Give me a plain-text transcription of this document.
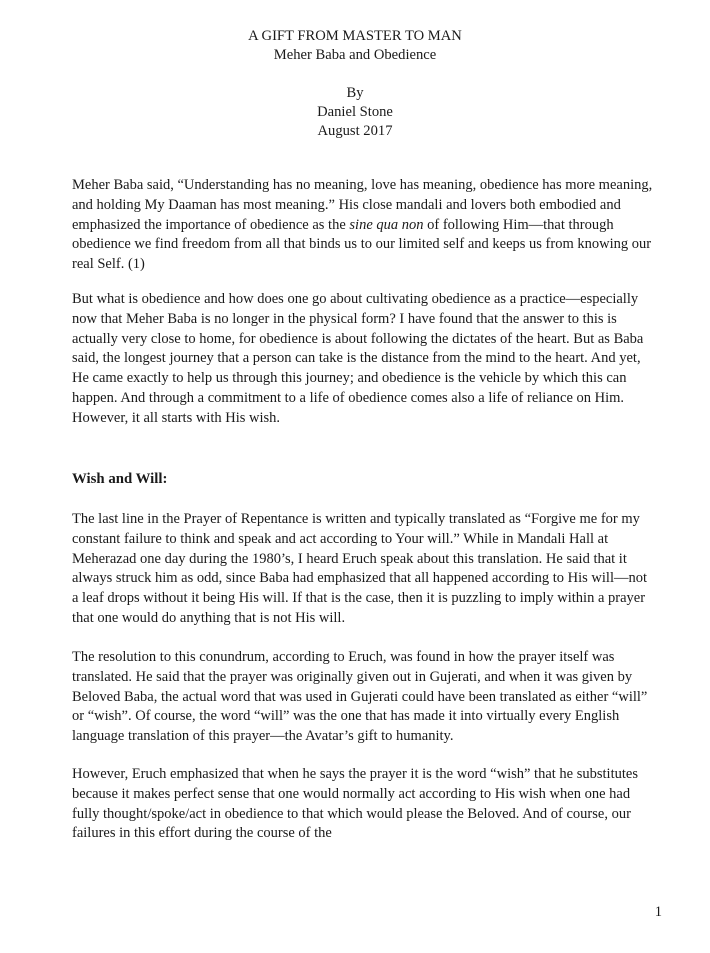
A GIFT FROM MASTER TO MAN
Meher Baba and Obedience
By
Daniel Stone
August 2017

Meher Baba said, “Understanding has no meaning, love has meaning, obedience has more meaning, and holding My Daaman has most meaning.” His close mandali and lovers both embodied and emphasized the importance of obedience as the sine qua non of following Him—that through obedience we find freedom from all that binds us to our limited self and keeps us from knowing our real Self. (1)

But what is obedience and how does one go about cultivating obedience as a practice—especially now that Meher Baba is no longer in the physical form? I have found that the answer to this is actually very close to home, for obedience is about following the dictates of the heart. But as Baba said, the longest journey that a person can take is the distance from the mind to the heart. And yet, He came exactly to help us through this journey; and obedience is the vehicle by which this can happen. And through a commitment to a life of obedience comes also a life of reliance on Him. However, it all starts with His wish.

Wish and Will:

The last line in the Prayer of Repentance is written and typically translated as “Forgive me for my constant failure to think and speak and act according to Your will.” While in Mandali Hall at Meherazad one day during the 1980’s, I heard Eruch speak about this translation. He said that it always struck him as odd, since Baba had emphasized that all happened according to His will—not a leaf drops without it being His will. If that is the case, then it is puzzling to imply within a prayer that one would do anything that is not His will.

The resolution to this conundrum, according to Eruch, was found in how the prayer itself was translated. He said that the prayer was originally given out in Gujerati, and when it was given by Beloved Baba, the actual word that was used in Gujerati could have been translated as either “will” or “wish”. Of course, the word “will” was the one that has made it into virtually every English language translation of this prayer—the Avatar’s gift to humanity.

However, Eruch emphasized that when he says the prayer it is the word “wish” that he substitutes because it makes perfect sense that one would normally act according to His wish when one had fully thought/spoke/act in obedience to that which would please the Beloved. And of course, our failures in this effort during the course of the

1
